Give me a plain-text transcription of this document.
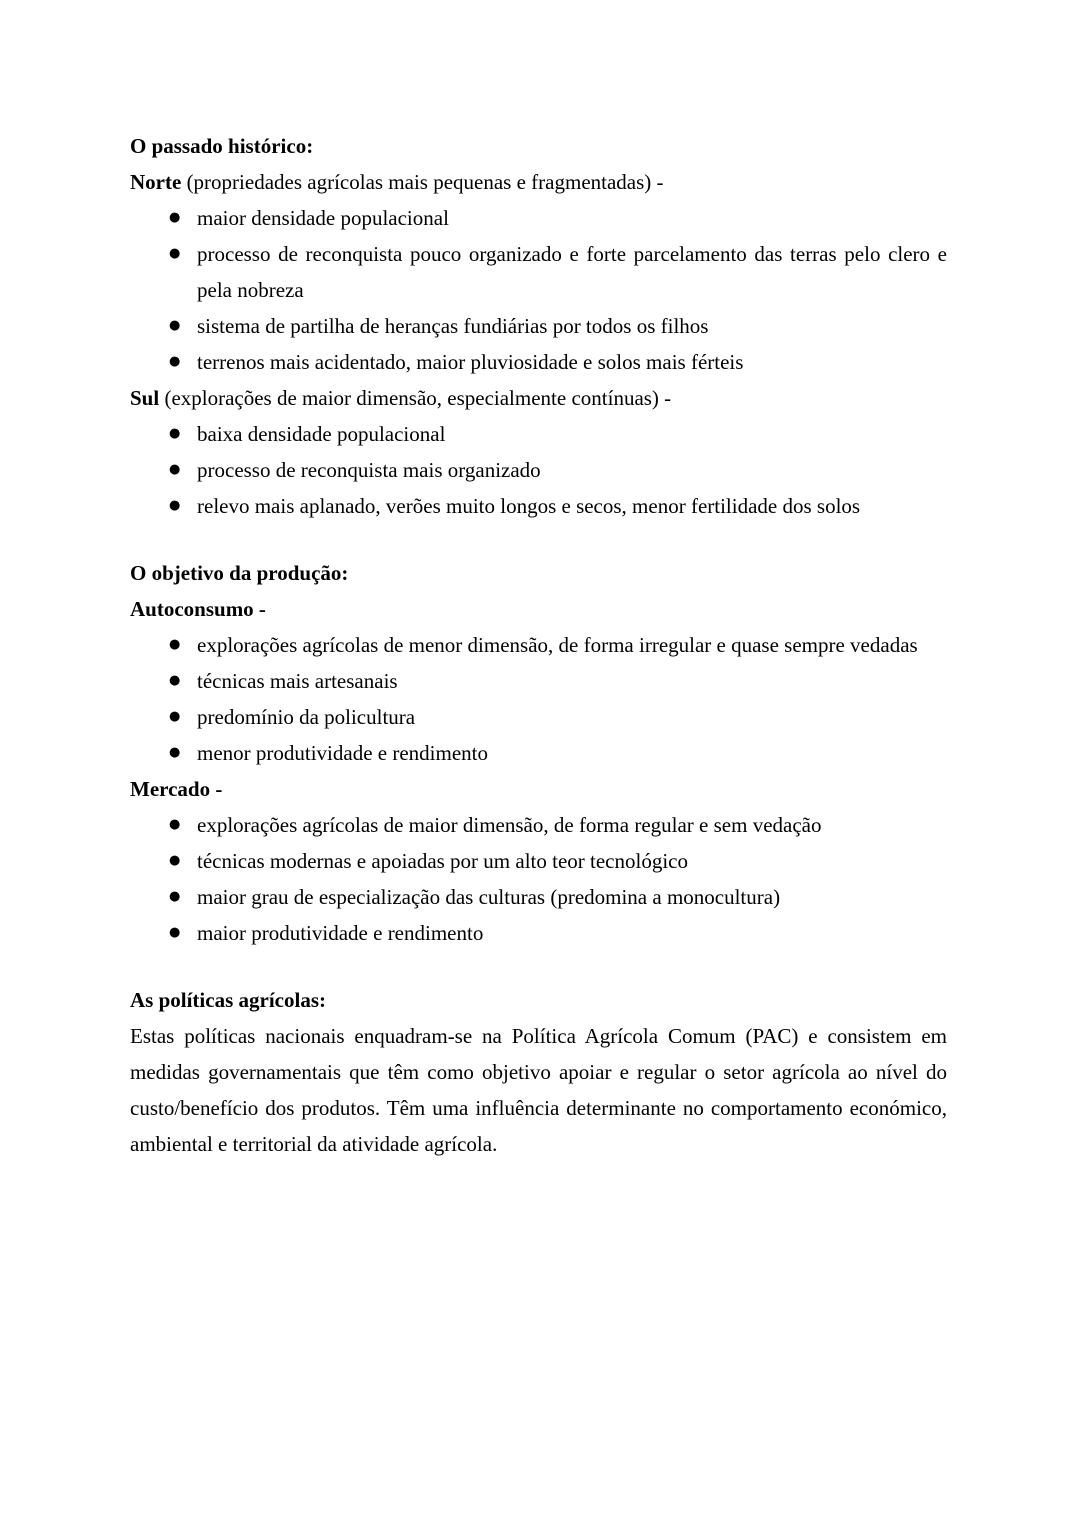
O passado histórico:

Norte (propriedades agrícolas mais pequenas e fragmentadas) -

● maior densidade populacional
● processo de reconquista pouco organizado e forte parcelamento das terras pelo clero e pela nobreza
● sistema de partilha de heranças fundiárias por todos os filhos
● terrenos mais acidentado, maior pluviosidade e solos mais férteis

Sul (explorações de maior dimensão, especialmente contínuas) -

● baixa densidade populacional
● processo de reconquista mais organizado
● relevo mais aplanado, verões muito longos e secos, menor fertilidade dos solos
O objetivo da produção:

Autoconsumo -

● explorações agrícolas de menor dimensão, de forma irregular e quase sempre vedadas
● técnicas mais artesanais
● predomínio da policultura
● menor produtividade e rendimento

Mercado -

● explorações agrícolas de maior dimensão, de forma regular e sem vedação
● técnicas modernas e apoiadas por um alto teor tecnológico
● maior grau de especialização das culturas (predomina a monocultura)
● maior produtividade e rendimento
As políticas agrícolas:

Estas políticas nacionais enquadram-se na Política Agrícola Comum (PAC) e consistem em medidas governamentais que têm como objetivo apoiar e regular o setor agrícola ao nível do custo/benefício dos produtos. Têm uma influência determinante no comportamento económico, ambiental e territorial da atividade agrícola.
